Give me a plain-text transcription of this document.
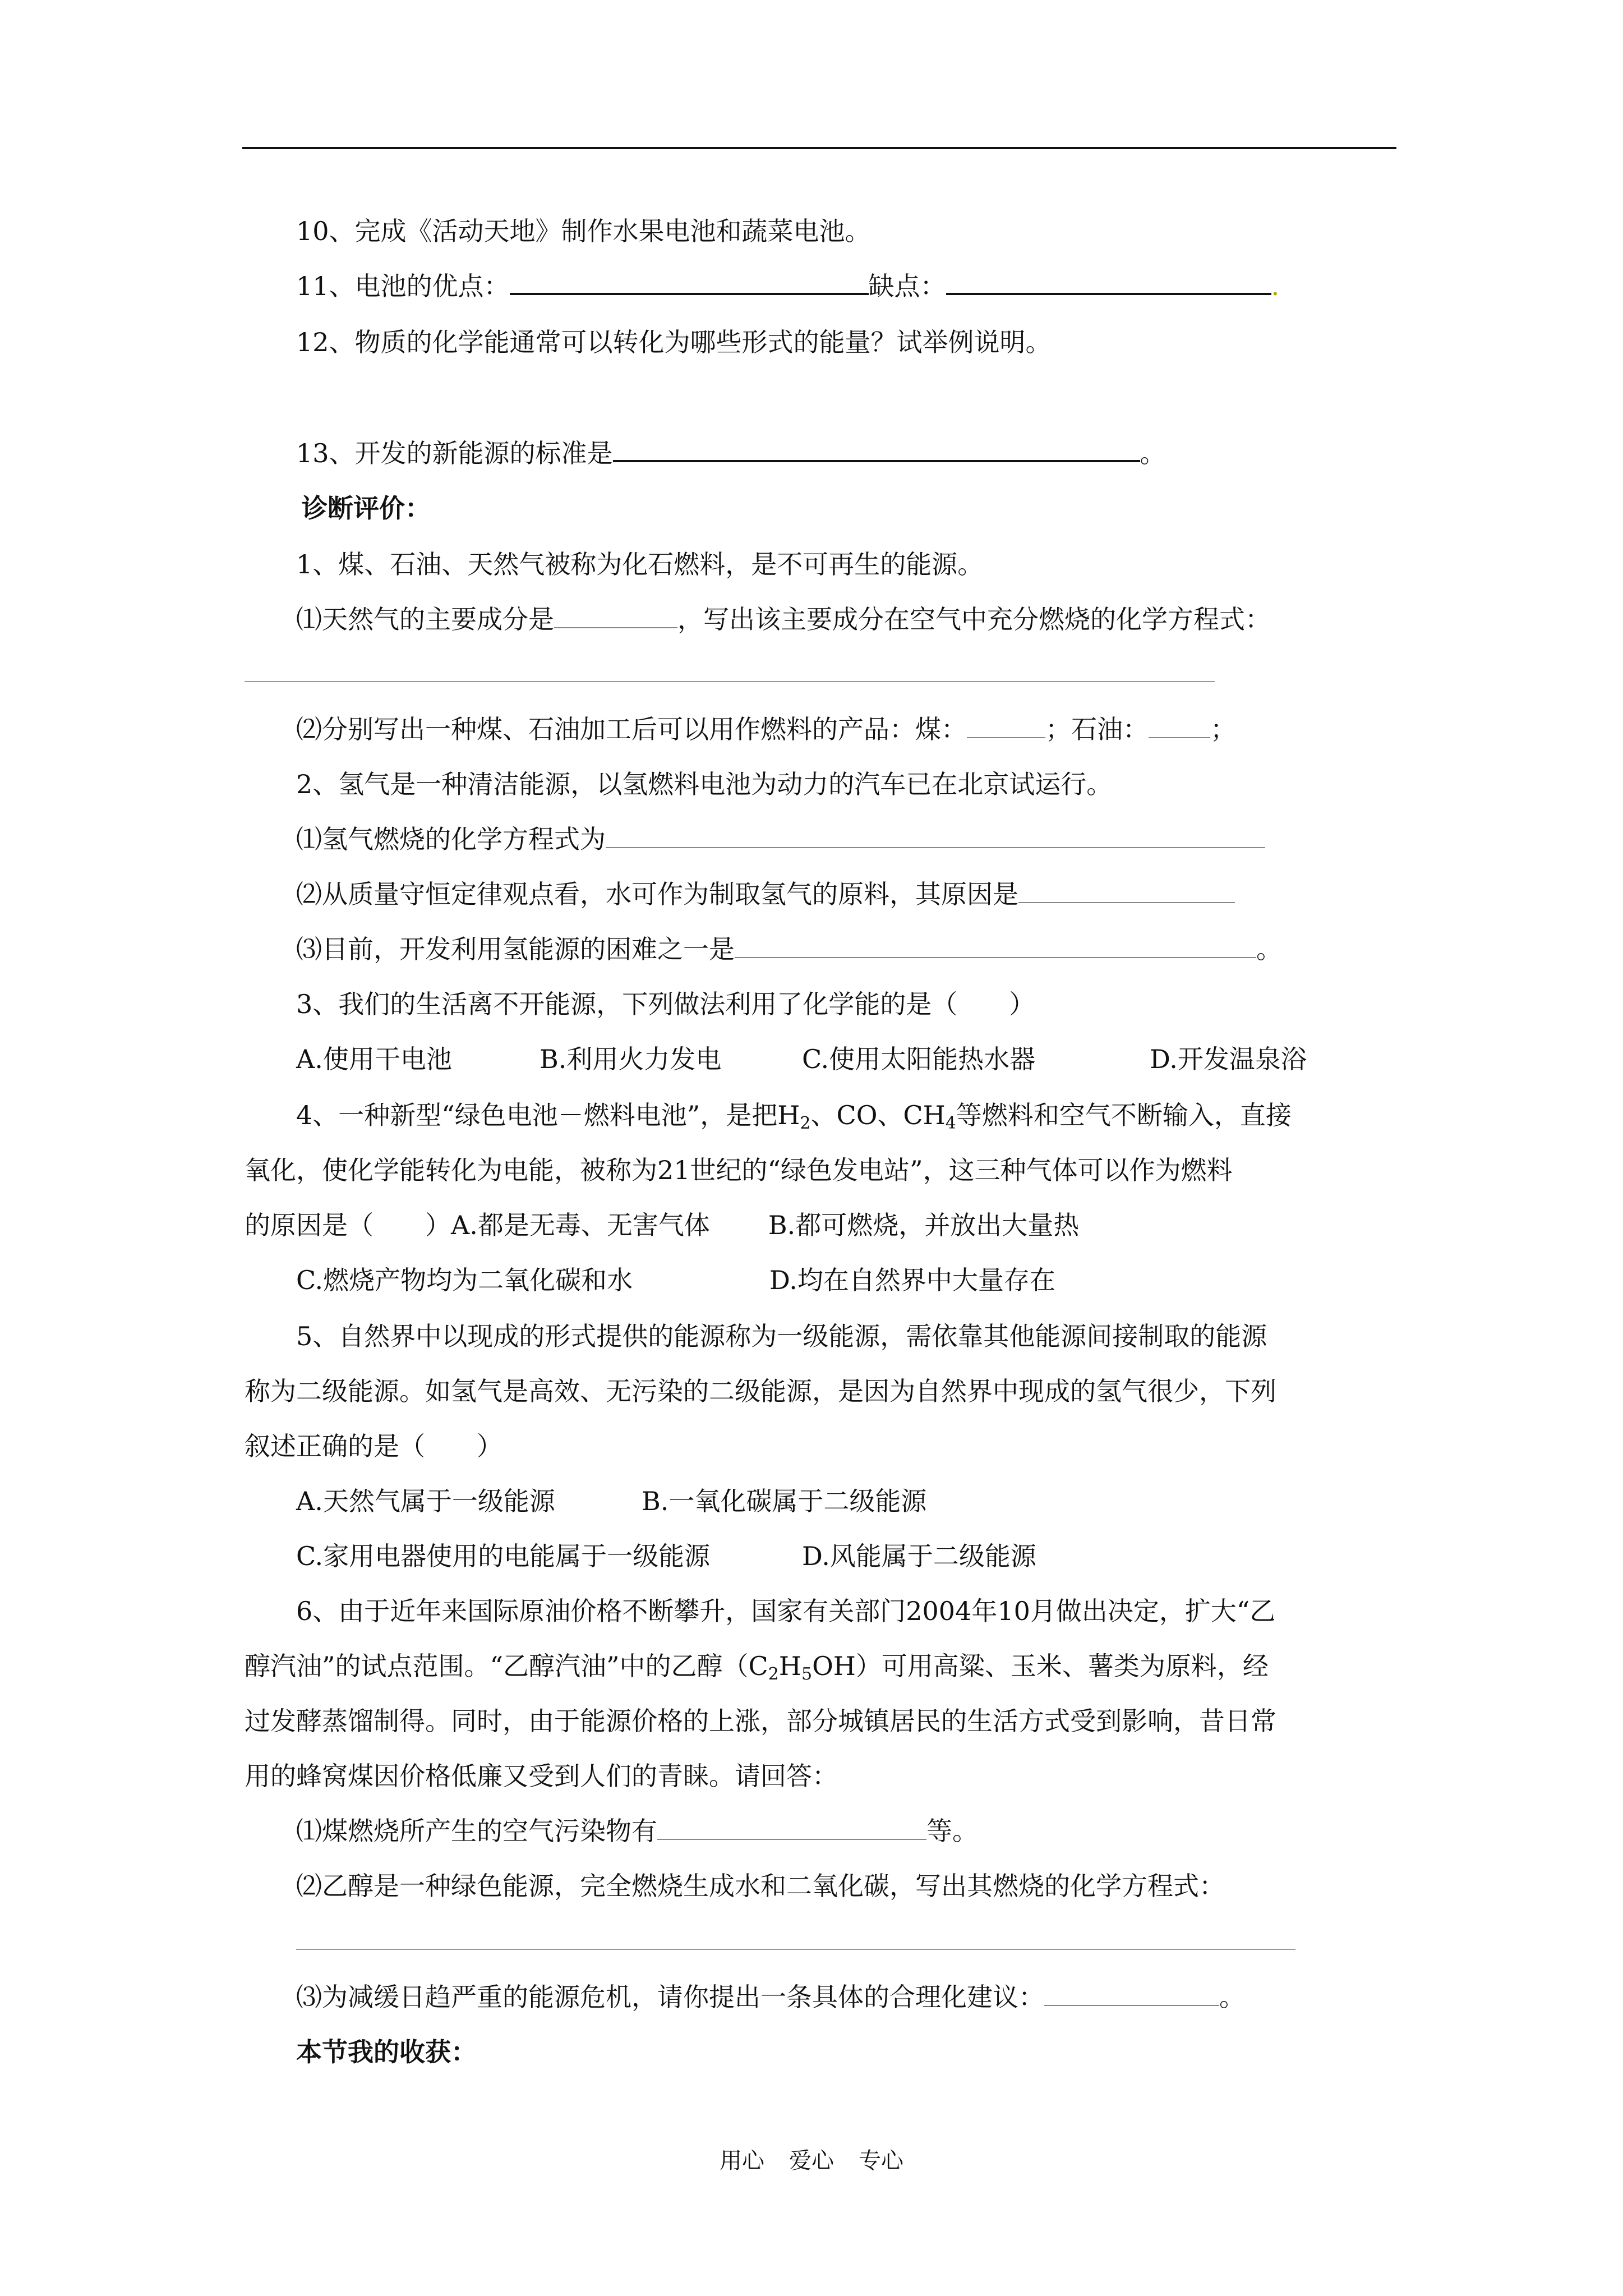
10、完成《活动天地》制作水果电池和蔬菜电池。
11、电池的优点：	缺点：	.
12、物质的化学能通常可以转化为哪些形式的能量？试举例说明。
13、开发的新能源的标准是	。
诊断评价：
1、煤、石油、天然气被称为化石燃料，是不可再生的能源。
⑴天然气的主要成分是	，写出该主要成分在空气中充分燃烧的化学方程式：
⑵分别写出一种煤、石油加工后可以用作燃料的产品：煤：	；石油： ；
2、氢气是一种清洁能源，以氢燃料电池为动力的汽车已在北京试运行。
⑴氢气燃烧的化学方程式为
⑵从质量守恒定律观点看，水可作为制取氢气的原料，其原因是
⑶目前，开发利用氢能源的困难之一是	。
3、我们的生活离不开能源，下列做法利用了化学能的是（　　）
A.使用干电池	B.利用火力发电	C.使用太阳能热水器	D.开发温泉浴
4、一种新型“绿色电池－燃料电池”，是把$H_2$、CO、$CH_4$等燃料和空气不断输入，直接
氧化，使化学能转化为电能，被称为21世纪的“绿色发电站”，这三种气体可以作为燃料
的原因是（　　）A.都是无毒、无害气体 B.都可燃烧，并放出大量热
C.燃烧产物均为二氧化碳和水	D.均在自然界中大量存在
5、自然界中以现成的形式提供的能源称为一级能源，需依靠其他能源间接制取的能源
称为二级能源。如氢气是高效、无污染的二级能源，是因为自然界中现成的氢气很少，下列
叙述正确的是（　　）
A.天然气属于一级能源	B.一氧化碳属于二级能源
C.家用电器使用的电能属于一级能源	D.风能属于二级能源
6、由于近年来国际原油价格不断攀升，国家有关部门2004年10月做出决定，扩大“乙
醇汽油”的试点范围。“乙醇汽油”中的乙醇$(C_2H_5OH)$可用高粱、玉米、薯类为原料，经
过发酵蒸馏制得。同时，由于能源价格的上涨，部分城镇居民的生活方式受到影响，昔日常
用的蜂窝煤因价格低廉又受到人们的青睐。请回答：
⑴煤燃烧所产生的空气污染物有	等。
⑵乙醇是一种绿色能源，完全燃烧生成水和二氧化碳，写出其燃烧的化学方程式：
⑶为减缓日趋严重的能源危机，请你提出一条具体的合理化建议：	。
本节我的收获：
用心 爱心 专心
